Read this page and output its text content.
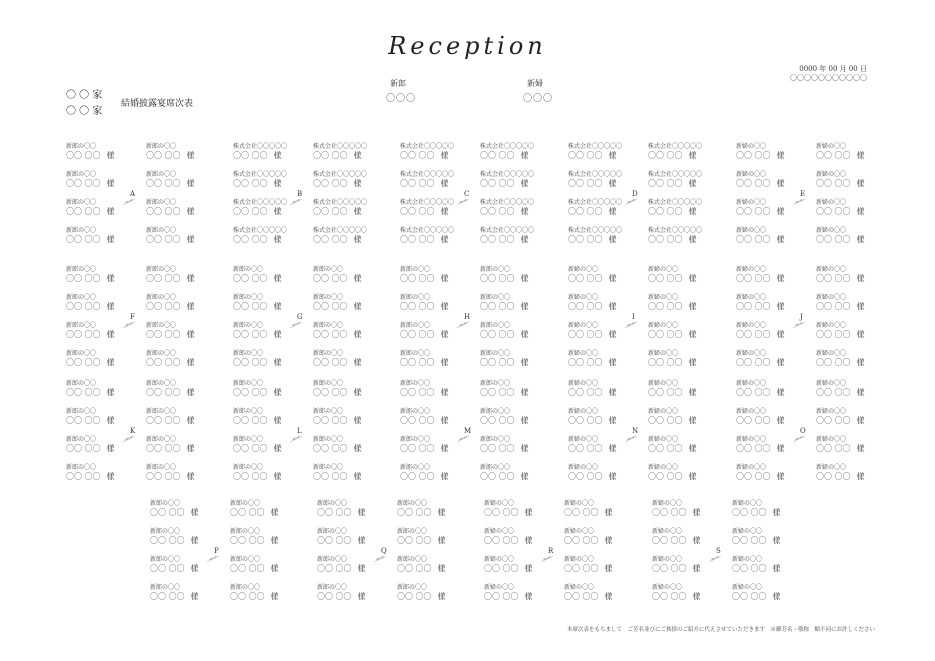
Reception
〇 〇 家
〇 〇 家
結婚披露宴席次表
新郎
〇〇〇
新婦
〇〇〇
0000 年 00 月 00 日
〇〇〇〇〇〇〇〇〇〇〇
新郎の〇〇
〇〇 〇〇 様
新郎の〇〇
〇〇 〇〇 様
新郎の〇〇
〇〇 〇〇 様
新郎の〇〇
〇〇 〇〇 様
新郎の〇〇
〇〇 〇〇 様
新郎の〇〇
〇〇 〇〇 様
新郎の〇〇
〇〇 〇〇 様
新郎の〇〇
〇〇 〇〇 様
A
株式会社〇〇〇〇〇
〇〇 〇〇 様
株式会社〇〇〇〇〇
〇〇 〇〇 様
株式会社〇〇〇〇〇
〇〇 〇〇 様
株式会社〇〇〇〇〇
〇〇 〇〇 様
株式会社〇〇〇〇〇
〇〇 〇〇 様
株式会社〇〇〇〇〇
〇〇 〇〇 様
株式会社〇〇〇〇〇
〇〇 〇〇 様
株式会社〇〇〇〇〇
〇〇 〇〇 様
B
株式会社〇〇〇〇〇
〇〇 〇〇 様
株式会社〇〇〇〇〇
〇〇 〇〇 様
株式会社〇〇〇〇〇
〇〇 〇〇 様
株式会社〇〇〇〇〇
〇〇 〇〇 様
株式会社〇〇〇〇〇
〇〇 〇〇 様
株式会社〇〇〇〇〇
〇〇 〇〇 様
株式会社〇〇〇〇〇
〇〇 〇〇 様
株式会社〇〇〇〇〇
〇〇 〇〇 様
C
株式会社〇〇〇〇〇
〇〇 〇〇 様
株式会社〇〇〇〇〇
〇〇 〇〇 様
株式会社〇〇〇〇〇
〇〇 〇〇 様
株式会社〇〇〇〇〇
〇〇 〇〇 様
株式会社〇〇〇〇〇
〇〇 〇〇 様
株式会社〇〇〇〇〇
〇〇 〇〇 様
株式会社〇〇〇〇〇
〇〇 〇〇 様
株式会社〇〇〇〇〇
〇〇 〇〇 様
D
新婦の〇〇
〇〇 〇〇 様
新婦の〇〇
〇〇 〇〇 様
新婦の〇〇
〇〇 〇〇 様
新婦の〇〇
〇〇 〇〇 様
新婦の〇〇
〇〇 〇〇 様
新婦の〇〇
〇〇 〇〇 様
新婦の〇〇
〇〇 〇〇 様
新婦の〇〇
〇〇 〇〇 様
E
新郎の〇〇
〇〇 〇〇 様
新郎の〇〇
〇〇 〇〇 様
新郎の〇〇
〇〇 〇〇 様
新郎の〇〇
〇〇 〇〇 様
新郎の〇〇
〇〇 〇〇 様
新郎の〇〇
〇〇 〇〇 様
新郎の〇〇
〇〇 〇〇 様
新郎の〇〇
〇〇 〇〇 様
F
新郎の〇〇
〇〇 〇〇 様
新郎の〇〇
〇〇 〇〇 様
新郎の〇〇
〇〇 〇〇 様
新郎の〇〇
〇〇 〇〇 様
新郎の〇〇
〇〇 〇〇 様
新郎の〇〇
〇〇 〇〇 様
新郎の〇〇
〇〇 〇〇 様
新郎の〇〇
〇〇 〇〇 様
G
新郎の〇〇
〇〇 〇〇 様
新郎の〇〇
〇〇 〇〇 様
新郎の〇〇
〇〇 〇〇 様
新郎の〇〇
〇〇 〇〇 様
新郎の〇〇
〇〇 〇〇 様
新郎の〇〇
〇〇 〇〇 様
新郎の〇〇
〇〇 〇〇 様
新郎の〇〇
〇〇 〇〇 様
H
新婦の〇〇
〇〇 〇〇 様
新婦の〇〇
〇〇 〇〇 様
新婦の〇〇
〇〇 〇〇 様
新婦の〇〇
〇〇 〇〇 様
新婦の〇〇
〇〇 〇〇 様
新婦の〇〇
〇〇 〇〇 様
新婦の〇〇
〇〇 〇〇 様
新婦の〇〇
〇〇 〇〇 様
I
新婦の〇〇
〇〇 〇〇 様
新婦の〇〇
〇〇 〇〇 様
新婦の〇〇
〇〇 〇〇 様
新婦の〇〇
〇〇 〇〇 様
新婦の〇〇
〇〇 〇〇 様
新婦の〇〇
〇〇 〇〇 様
新婦の〇〇
〇〇 〇〇 様
新婦の〇〇
〇〇 〇〇 様
J
新郎の〇〇
〇〇 〇〇 様
新郎の〇〇
〇〇 〇〇 様
新郎の〇〇
〇〇 〇〇 様
新郎の〇〇
〇〇 〇〇 様
新郎の〇〇
〇〇 〇〇 様
新郎の〇〇
〇〇 〇〇 様
新郎の〇〇
〇〇 〇〇 様
新郎の〇〇
〇〇 〇〇 様
K
新郎の〇〇
〇〇 〇〇 様
新郎の〇〇
〇〇 〇〇 様
新郎の〇〇
〇〇 〇〇 様
新郎の〇〇
〇〇 〇〇 様
新郎の〇〇
〇〇 〇〇 様
新郎の〇〇
〇〇 〇〇 様
新郎の〇〇
〇〇 〇〇 様
新郎の〇〇
〇〇 〇〇 様
L
新郎の〇〇
〇〇 〇〇 様
新郎の〇〇
〇〇 〇〇 様
新郎の〇〇
〇〇 〇〇 様
新郎の〇〇
〇〇 〇〇 様
新郎の〇〇
〇〇 〇〇 様
新郎の〇〇
〇〇 〇〇 様
新郎の〇〇
〇〇 〇〇 様
新郎の〇〇
〇〇 〇〇 様
M
新婦の〇〇
〇〇 〇〇 様
新婦の〇〇
〇〇 〇〇 様
新婦の〇〇
〇〇 〇〇 様
新婦の〇〇
〇〇 〇〇 様
新婦の〇〇
〇〇 〇〇 様
新婦の〇〇
〇〇 〇〇 様
新婦の〇〇
〇〇 〇〇 様
新婦の〇〇
〇〇 〇〇 様
N
新婦の〇〇
〇〇 〇〇 様
新婦の〇〇
〇〇 〇〇 様
新婦の〇〇
〇〇 〇〇 様
新婦の〇〇
〇〇 〇〇 様
新婦の〇〇
〇〇 〇〇 様
新婦の〇〇
〇〇 〇〇 様
新婦の〇〇
〇〇 〇〇 様
新婦の〇〇
〇〇 〇〇 様
O
新郎の〇〇
〇〇 〇〇 様
新郎の〇〇
〇〇 〇〇 様
新郎の〇〇
〇〇 〇〇 様
新郎の〇〇
〇〇 〇〇 様
新郎の〇〇
〇〇 〇〇 様
新郎の〇〇
〇〇 〇〇 様
新郎の〇〇
〇〇 〇〇 様
新郎の〇〇
〇〇 〇〇 様
P
新郎の〇〇
〇〇 〇〇 様
新郎の〇〇
〇〇 〇〇 様
新郎の〇〇
〇〇 〇〇 様
新郎の〇〇
〇〇 〇〇 様
新郎の〇〇
〇〇 〇〇 様
新郎の〇〇
〇〇 〇〇 様
新郎の〇〇
〇〇 〇〇 様
新郎の〇〇
〇〇 〇〇 様
Q
新婦の〇〇
〇〇 〇〇 様
新婦の〇〇
〇〇 〇〇 様
新婦の〇〇
〇〇 〇〇 様
新婦の〇〇
〇〇 〇〇 様
新婦の〇〇
〇〇 〇〇 様
新婦の〇〇
〇〇 〇〇 様
新婦の〇〇
〇〇 〇〇 様
新婦の〇〇
〇〇 〇〇 様
R
新婦の〇〇
〇〇 〇〇 様
新婦の〇〇
〇〇 〇〇 様
新婦の〇〇
〇〇 〇〇 様
新婦の〇〇
〇〇 〇〇 様
新婦の〇〇
〇〇 〇〇 様
新婦の〇〇
〇〇 〇〇 様
新婦の〇〇
〇〇 〇〇 様
新婦の〇〇
〇〇 〇〇 様
S
本席次表をもちまして　ご芳名並びにご挨拶のご紹介に代えさせていただきます　※御芳名・敬称　順不同にお許しください
